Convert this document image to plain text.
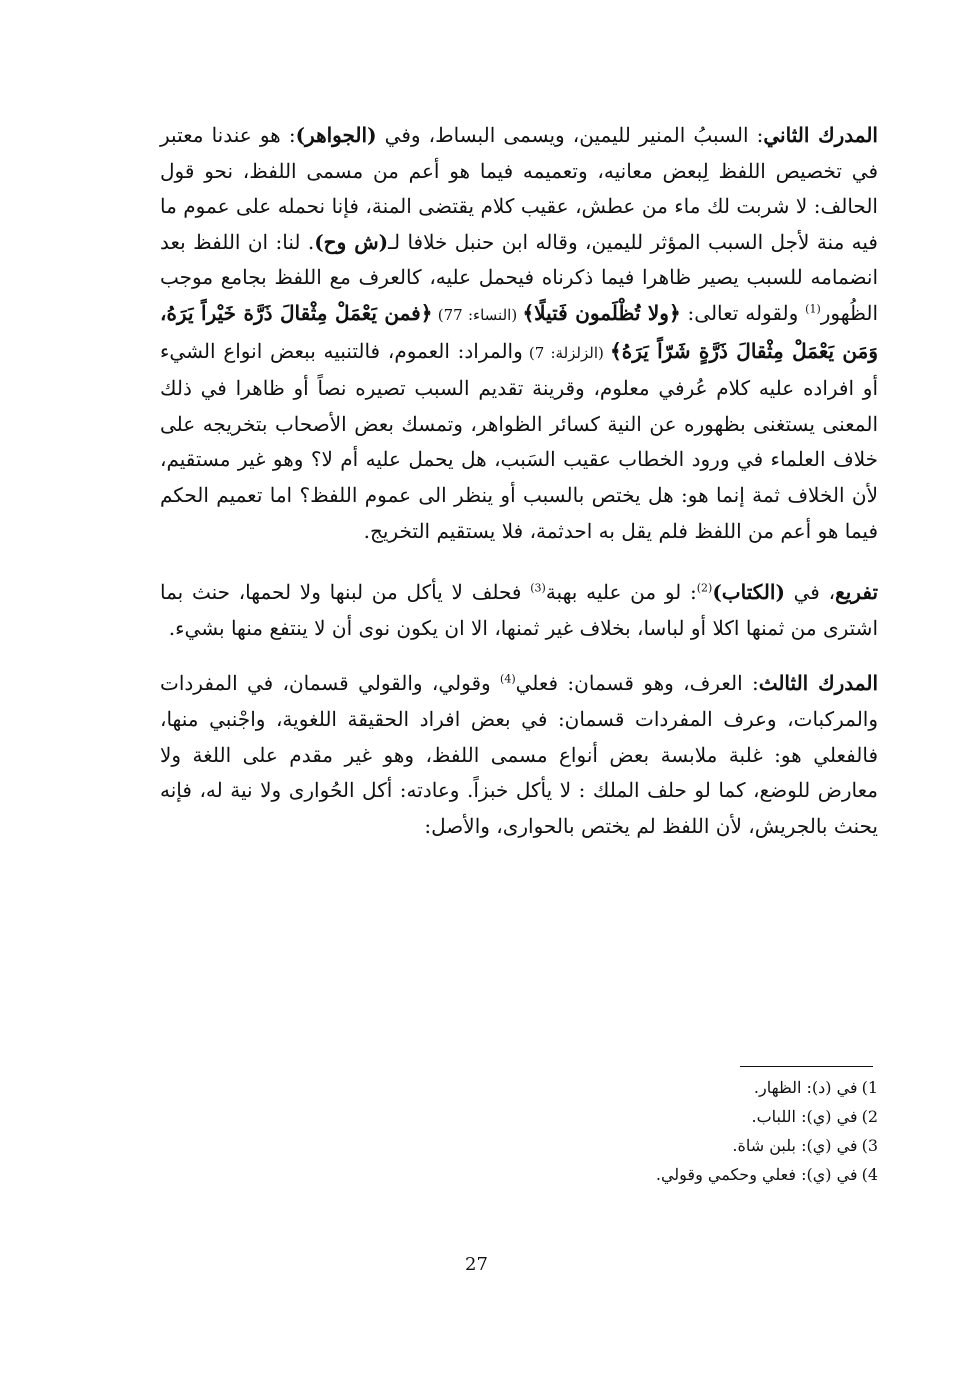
المدرك الثاني: السببُ المنير لليمين، ويسمى البساط، وفي (الجواهر): هو عندنا معتبر في تخصيص اللفظ لِبعض معانيه، وتعميمه فيما هو أعم من مسمى اللفظ، نحو قول الحالف: لا شربت لك ماء من عطش، عقيب كلام يقتضى المنة، فإنا نحمله على عموم ما فيه منة لأجل السبب المؤثر لليمين، وقاله ابن حنبل خلافا لـ(ش وح). لنا: ان اللفظ بعد انضمامه للسبب يصير ظاهرا فيما ذكرناه فيحمل عليه، كالعرف مع اللفظ بجامع موجب الظُهور$^{(1)}$ ولقوله تعالى: ﴿ولا تُظْلَمون فَتيلًا﴾ (النساء: 77) ﴿فمن يَعْمَلْ مِثْقالَ ذَرَّة خَيْراً يَرَهُ، وَمَن يَعْمَلْ مِثْقالَ ذَرَّةٍ شَرّاً يَرَهُ﴾ (الزلزلة: 7) والمراد: العموم، فالتنبيه ببعض انواع الشيء أو افراده عليه كلام عُرفي معلوم، وقرينة تقديم السبب تصيره نصاً أو ظاهرا في ذلك المعنى يستغنى بظهوره عن النية كسائر الظواهر، وتمسك بعض الأصحاب بتخريجه على خلاف العلماء في ورود الخطاب عقيب السَبب، هل يحمل عليه أم لا؟ وهو غير مستقيم، لأن الخلاف ثمة إنما هو: هل يختص بالسبب أو ينظر الى عموم اللفظ؟ اما تعميم الحكم فيما هو أعم من اللفظ فلم يقل به احدثمة، فلا يستقيم التخريج.

تفريع، في (الكتاب)$^{(2)}$: لو من عليه بهبة$^{(3)}$ فحلف لا يأكل من لبنها ولا لحمها، حنث بما اشترى من ثمنها اكلا أو لباسا، بخلاف غير ثمنها، الا ان يكون نوى أن لا ينتفع منها بشيء.

المدرك الثالث: العرف، وهو قسمان: فعلي$^{(4)}$ وقولي، والقولي قسمان، في المفردات والمركبات، وعرف المفردات قسمان: في بعض افراد الحقيقة اللغوية، واجْنبي منها، فالفعلي هو: غلبة ملابسة بعض أنواع مسمى اللفظ، وهو غير مقدم على اللغة ولا معارض للوضع، كما لو حلف الملك : لا يأكل خبزاً. وعادته: أكل الحُوارى ولا نية له، فإنه يحنث بالجريش، لأن اللفظ لم يختص بالحوارى، والأصل:

1)في (د): الظهار.

2)في (ي): اللباب.

3)في (ي): بلبن شاة.

4)في (ي): فعلي وحكمي وقولي.

27
